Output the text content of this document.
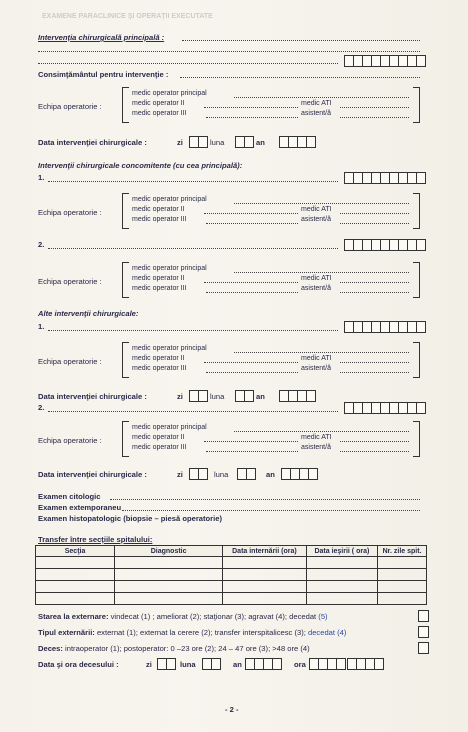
EXAMENE PARACLINICE ŞI OPERAŢII EXECUTATE
Intervenţia chirurgicală principală :
Consimţământul pentru intervenţie :
Echipa operatorie :
medic operator principal
medic operator II	medic ATI
medic operator III	asistent/ă
Data intervenţiei chirurgicale :	zi	luna	an
Intervenţii chirurgicale concomitente (cu cea principală):
1.
Echipa operatorie :
medic operator principal
medic operator II	medic ATI
medic operator III	asistent/ă
2.
Echipa operatorie :
medic operator principal
medic operator II	medic ATI
medic operator III	asistent/ă
Alte intervenţii chirurgicale:
1.
Echipa operatorie :
medic operator principal
medic operator II	medic ATI
medic operator III	asistent/ă
Data intervenţiei chirurgicale :	zi	luna	an
2.
Echipa operatorie :
medic operator principal
medic operator II	medic ATI
medic operator III	asistent/ă
Data intervenţiei chirurgicale :	zi	luna	an
Examen citologic
Examen extemporaneu
Examen histopatologic (biopsie – piesă operatorie)
Transfer între secţiile spitalului:
Secţia	Diagnostic	Data internării (ora)	Data ieşirii ( ora)	Nr. zile spit.

Starea la externare: vindecat (1) ; ameliorat (2); staţionar (3); agravat (4); decedat (5)
Tipul externării: externat (1); externat la cerere (2); transfer interspitalicesc (3); decedat (4)
Deces: intraoperator (1); postoperator: 0 –23 ore (2); 24 – 47 ore (3); >48 ore (4)
Data şi ora decesului :	zi	luna	an	ora
- 2 -
